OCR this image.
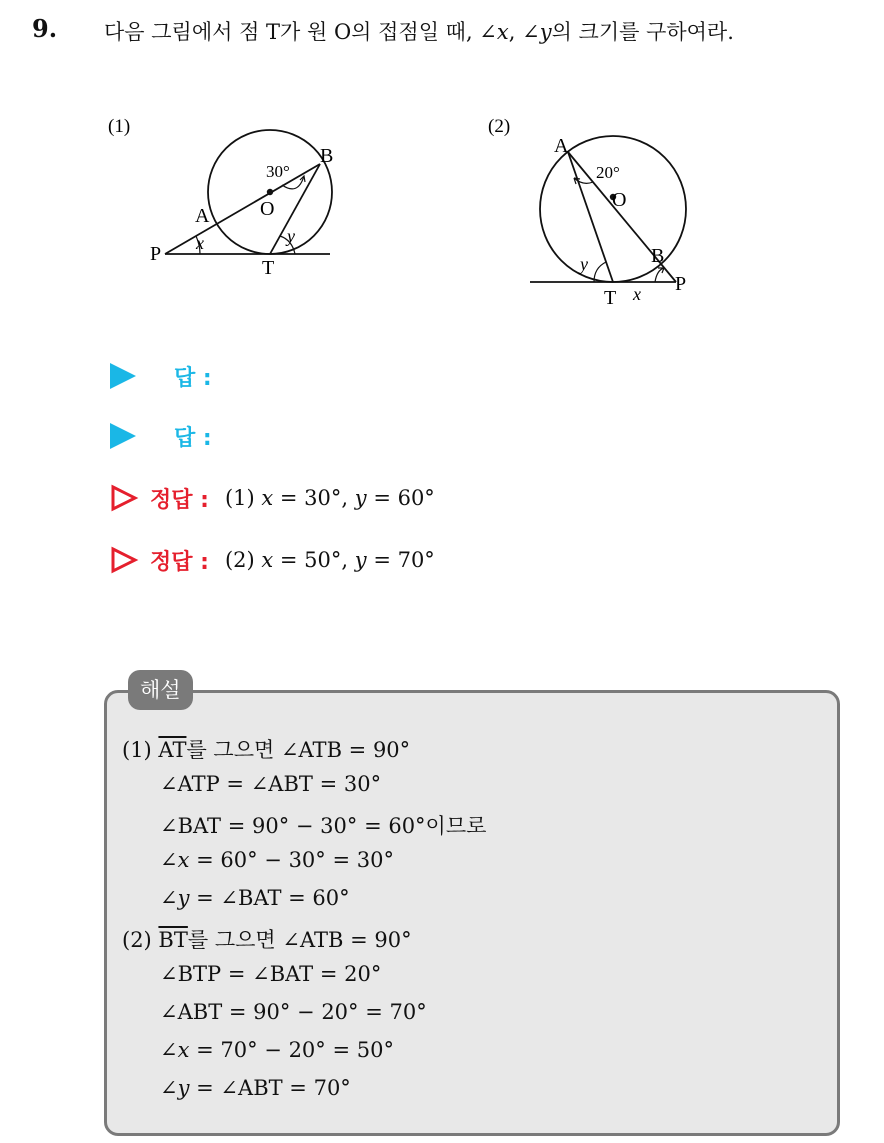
9. 다음 그림에서 점 T가 원 O의 접점일 때, ∠x, ∠y의 크기를 구하여라.
(1)
30°
B
O
A
P
T
x	y
(2)
A
20°
O
B
P
T
y
x
답 :
답 :
정답 : (1) x = 30°, y = 60°
정답 : (2) x = 50°, y = 70°
해설
(1) $\overline{AT}$를 그으면 ∠ATB = 90°
∠ATP = ∠ABT = 30°
∠BAT = 90° − 30° = 60°이므로
∠x = 60° − 30° = 30°
∠y = ∠BAT = 60°
(2) $\overline{BT}$를 그으면 ∠ATB = 90°
∠BTP = ∠BAT = 20°
∠ABT = 90° − 20° = 70°
∠x = 70° − 20° = 50°
∠y = ∠ABT = 70°
